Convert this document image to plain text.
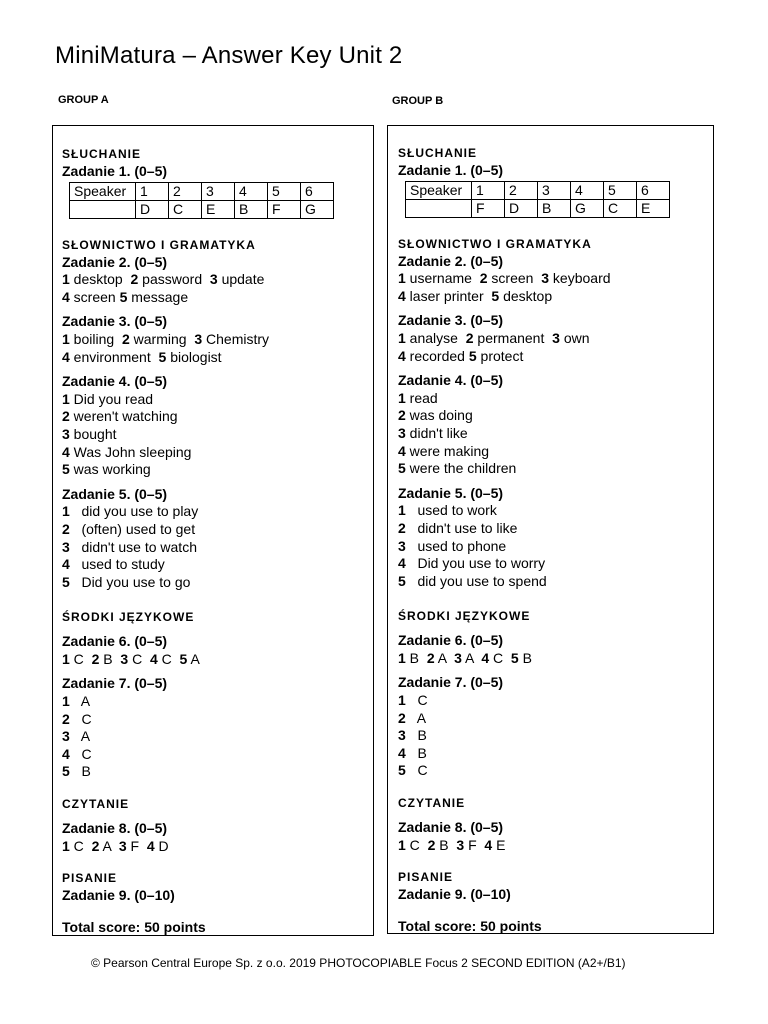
MiniMatura – Answer Key Unit 2
GROUP A	GROUP B
SŁUCHANIE
Zadanie 1. (0–5)
Speaker	1	2	3	4	5	6
	D	C	E	B	F	G
SŁOWNICTWO I GRAMATYKA
Zadanie 2. (0–5)
1 desktop  2 password  3 update
4 screen 5 message
Zadanie 3. (0–5)
1 boiling  2 warming  3 Chemistry
4 environment  5 biologist
Zadanie 4. (0–5)
1 Did you read
2 weren't watching
3 bought
4 Was John sleeping
5 was working
Zadanie 5. (0–5)
1   did you use to play
2   (often) used to get
3   didn't use to watch
4   used to study
5   Did you use to go
ŚRODKI JĘZYKOWE
Zadanie 6. (0–5)
1 C  2 B  3 C  4 C  5 A
Zadanie 7. (0–5)
1   A
2   C
3   A
4   C
5   B
CZYTANIE
Zadanie 8. (0–5)
1 C  2 A  3 F  4 D
PISANIE
Zadanie 9. (0–10)
Total score: 50 points
SŁUCHANIE
Zadanie 1. (0–5)
Speaker	1	2	3	4	5	6
	F	D	B	G	C	E
SŁOWNICTWO I GRAMATYKA
Zadanie 2. (0–5)
1 username  2 screen  3 keyboard
4 laser printer  5 desktop
Zadanie 3. (0–5)
1 analyse  2 permanent  3 own
4 recorded 5 protect
Zadanie 4. (0–5)
1 read
2 was doing
3 didn't like
4 were making
5 were the children
Zadanie 5. (0–5)
1   used to work
2   didn't use to like
3   used to phone
4   Did you use to worry
5   did you use to spend
ŚRODKI JĘZYKOWE
Zadanie 6. (0–5)
1 B  2 A  3 A  4 C  5 B
Zadanie 7. (0–5)
1   C
2   A
3   B
4   B
5   C
CZYTANIE
Zadanie 8. (0–5)
1 C  2 B  3 F  4 E
PISANIE
Zadanie 9. (0–10)
Total score: 50 points
© Pearson Central Europe Sp. z o.o. 2019 PHOTOCOPIABLE Focus 2 SECOND EDITION (A2+/B1)
